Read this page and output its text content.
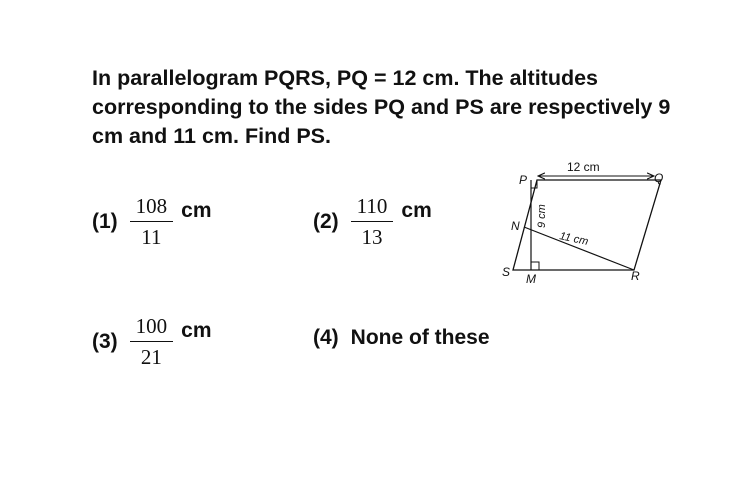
In parallelogram PQRS, PQ = 12 cm. The altitudes corresponding to the sides PQ and PS are respectively 9 cm and 11 cm. Find PS.
$(1) \frac{108}{11}$ cm	$(2) \frac{110}{13}$ cm
$(3) \frac{100}{21}$ cm	(4) None of these
P	Q
R
S
N
M
12 cm
9 cm
11 cm
